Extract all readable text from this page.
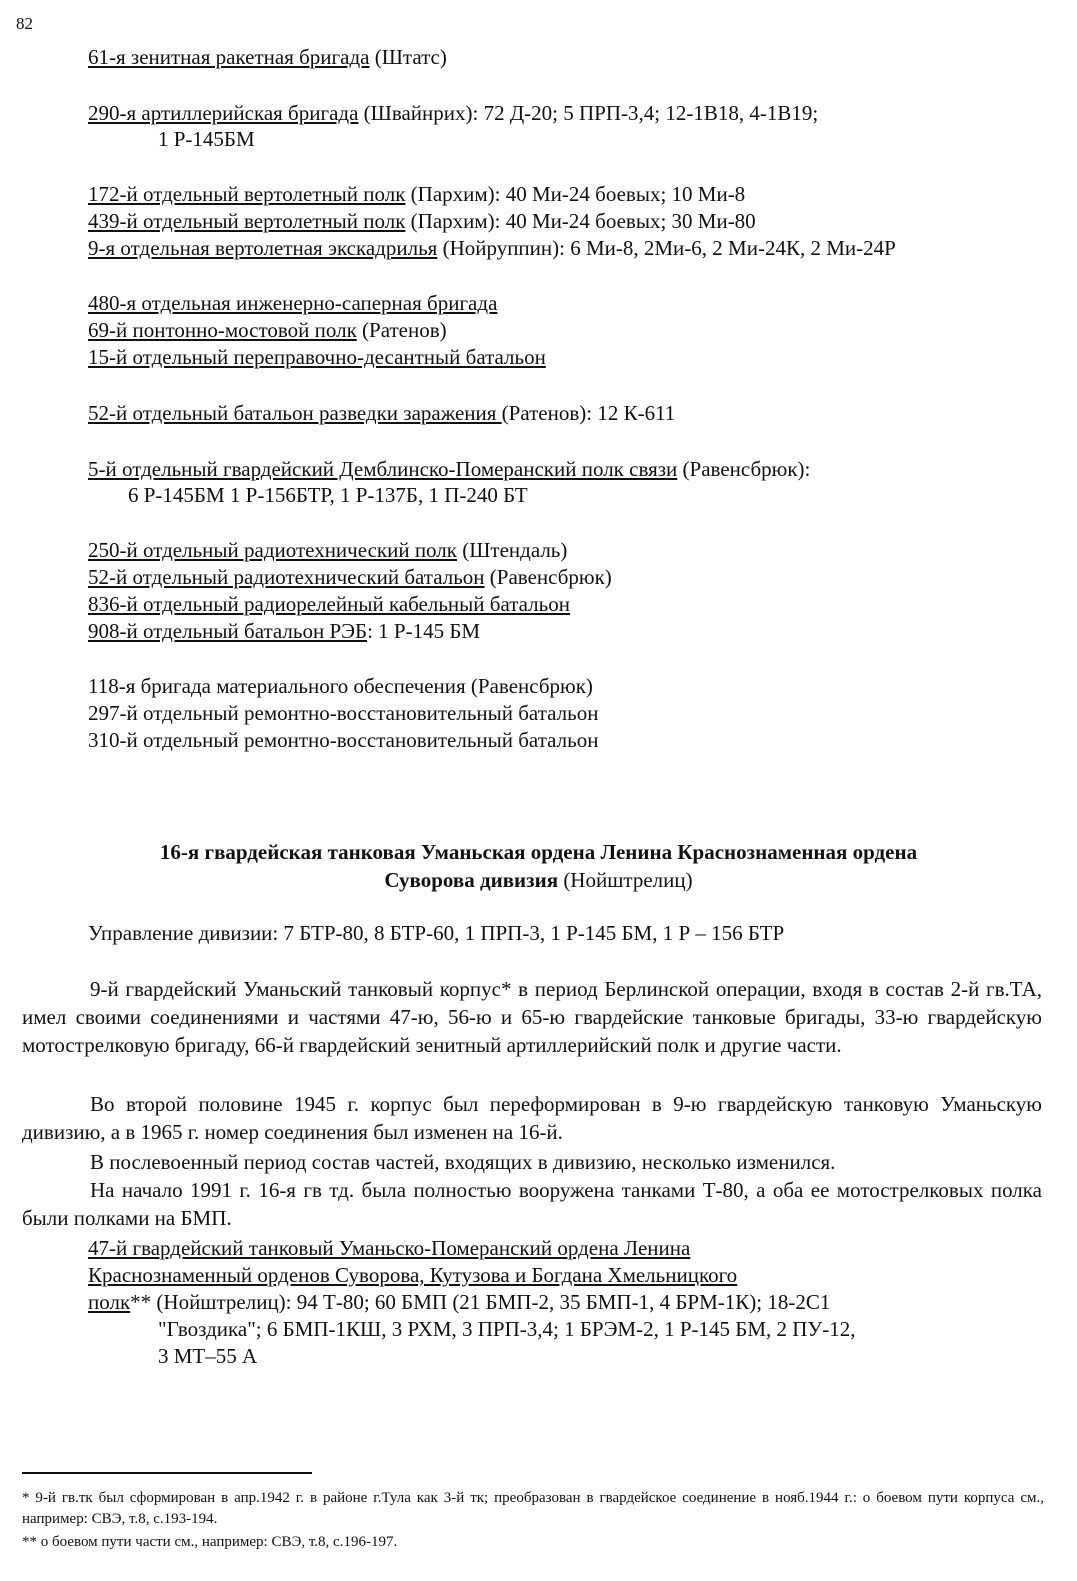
82
61-я зенитная ракетная бригада (Штатс)
290-я артиллерийская бригада (Швайнрих): 72 Д-20; 5 ПРП-3,4; 12-1В18, 4-1В19;
1 Р-145БМ
172-й отдельный вертолетный полк (Пархим): 40 Ми-24 боевых; 10 Ми-8
439-й отдельный вертолетный полк (Пархим): 40 Ми-24 боевых; 30 Ми-80
9-я отдельная вертолетная экскадрилья (Нойруппин): 6 Ми-8, 2Ми-6, 2 Ми-24К, 2 Ми-24Р
480-я отдельная инженерно-саперная бригада
69-й понтонно-мостовой полк (Ратенов)
15-й отдельный переправочно-десантный батальон
52-й отдельный батальон разведки заражения (Ратенов): 12 К-611
5-й отдельный гвардейский Демблинско-Померанский полк связи (Равенсбрюк):
6 Р-145БМ 1 Р-156БТР, 1 Р-137Б, 1 П-240 БТ
250-й отдельный радиотехнический полк (Штендаль)
52-й отдельный радиотехнический батальон (Равенсбрюк)
836-й отдельный радиорелейный кабельный батальон
908-й отдельный батальон РЭБ: 1 Р-145 БМ
118-я бригада материального обеспечения (Равенсбрюк)
297-й отдельный ремонтно-восстановительный батальон
310-й отдельный ремонтно-восстановительный батальон
16-я гвардейская танковая Уманьская ордена Ленина Краснознаменная ордена
Суворова дивизия (Нойштрелиц)
Управление дивизии: 7 БТР-80, 8 БТР-60, 1 ПРП-3, 1 Р-145 БМ, 1 Р – 156 БТР
9-й гвардейский Уманьский танковый корпус* в период Берлинской операции, входя в состав 2-й гв.ТА, имел своими соединениями и частями 47-ю, 56-ю и 65-ю гвардейские танковые бригады, 33-ю гвардейскую мотострелковую бригаду, 66-й гвардейский зенитный артиллерийский полк и другие части.
Во второй половине 1945 г. корпус был переформирован в 9-ю гвардейскую танковую Уманьскую дивизию, а в 1965 г. номер соединения был изменен на 16-й.
В послевоенный период состав частей, входящих в дивизию, несколько изменился.
На начало 1991 г. 16-я гв тд. была полностью вооружена танками Т-80, а оба ее мотострелковых полка были полками на БМП.
47-й гвардейский танковый Уманьско-Померанский ордена Ленина
Краснознаменный орденов Суворова, Кутузова и Богдана Хмельницкого
полк** (Нойштрелиц): 94 Т-80; 60 БМП (21 БМП-2, 35 БМП-1, 4 БРМ-1К); 18-2С1
"Гвоздика"; 6 БМП-1КШ, 3 РХМ, 3 ПРП-3,4; 1 БРЭМ-2, 1 Р-145 БМ, 2 ПУ-12,
3 МТ–55 А
* 9-й гв.тк был сформирован в апр.1942 г. в районе г.Тула как 3-й тк; преобразован в гвардейское соединение в нояб.1944 г.: о боевом пути корпуса см., например: СВЭ, т.8, с.193-194.
** о боевом пути части см., например: СВЭ, т.8, с.196-197.
